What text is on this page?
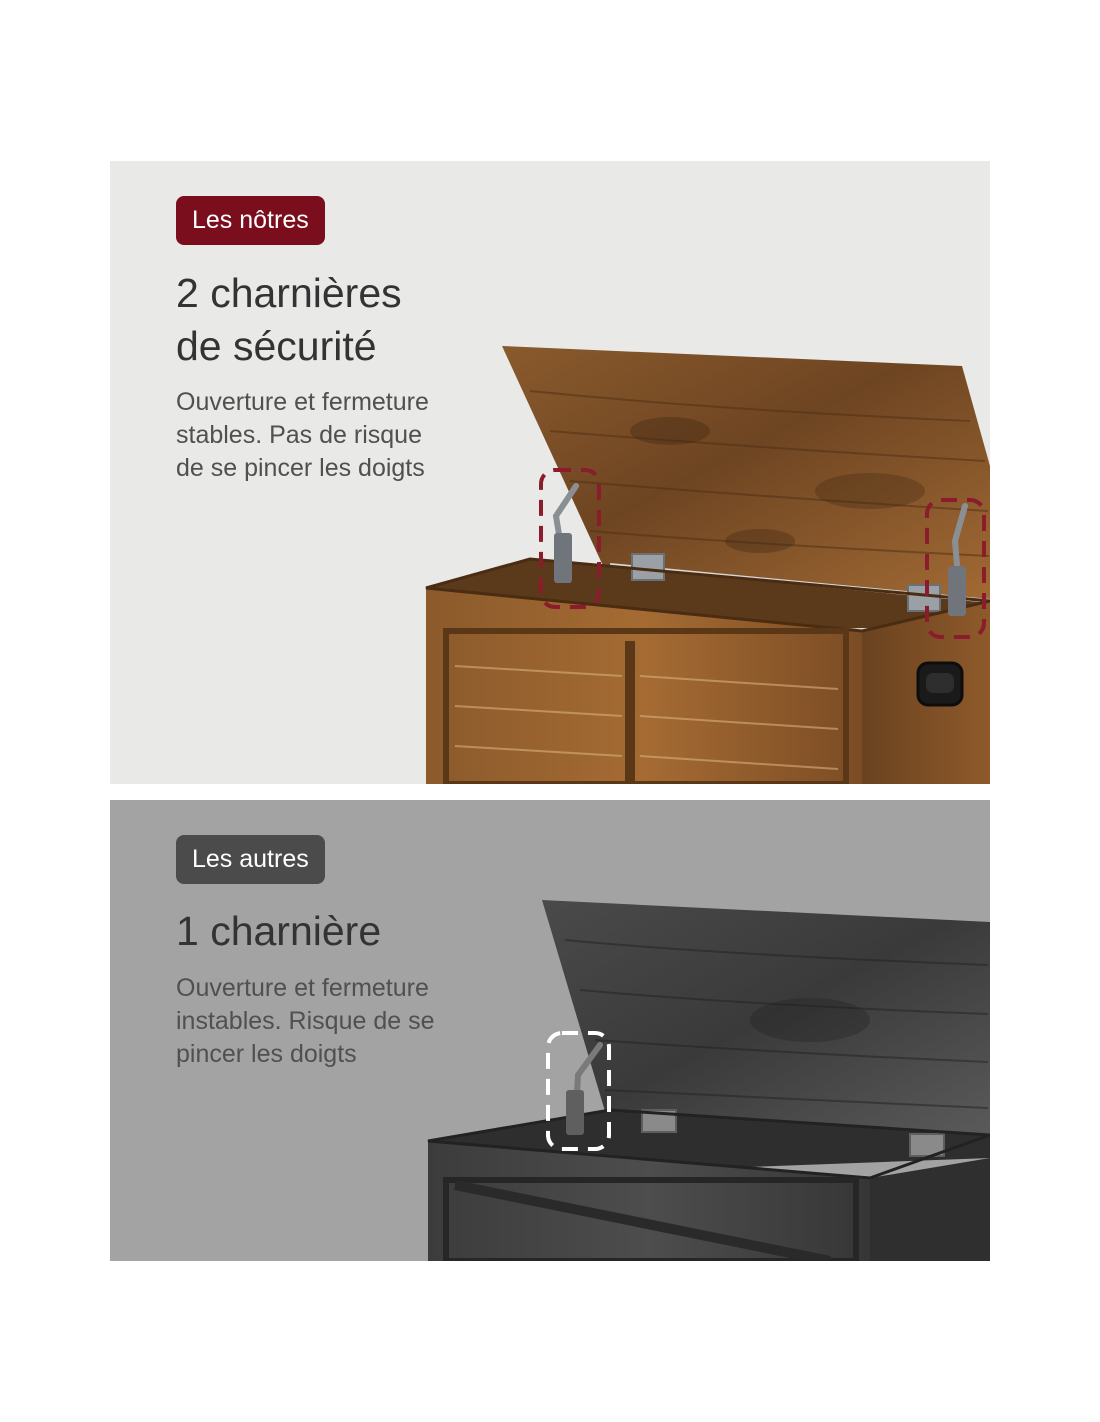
Les nôtres
2 charnières
de sécurité

Ouverture et fermeture
stables. Pas de risque
de se pincer les doigts

Les autres
1 charnière

Ouverture et fermeture
instables. Risque de se
pincer les doigts
